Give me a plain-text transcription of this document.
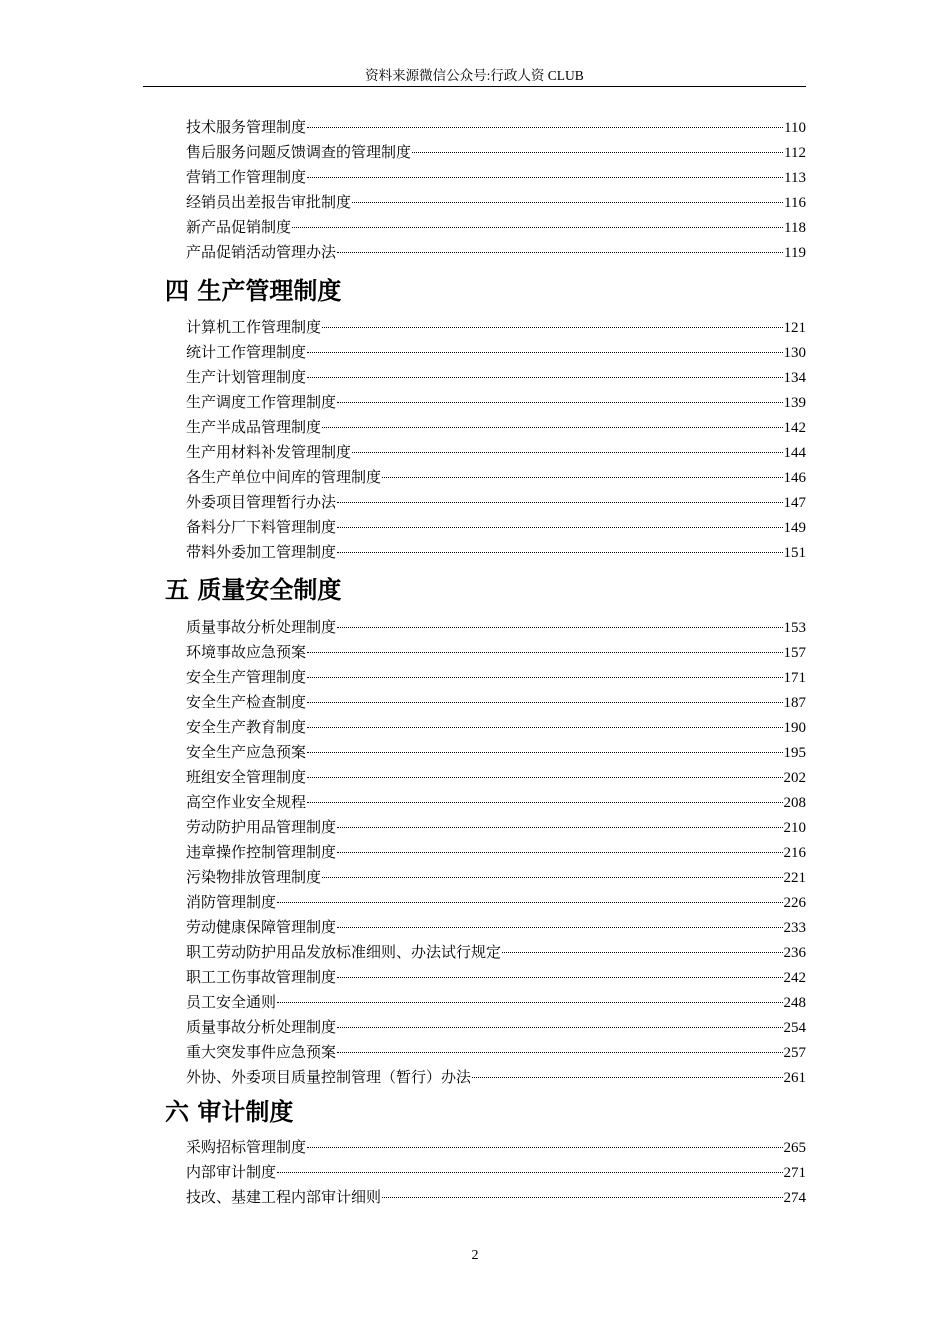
资料来源微信公众号:行政人资 CLUB
技术服务管理制度	110
售后服务问题反馈调查的管理制度	112
营销工作管理制度	113
经销员出差报告审批制度	116
新产品促销制度	118
产品促销活动管理办法	119
四 生产管理制度
计算机工作管理制度	121
统计工作管理制度	130
生产计划管理制度	134
生产调度工作管理制度	139
生产半成品管理制度	142
生产用材料补发管理制度	144
各生产单位中间库的管理制度	146
外委项目管理暂行办法	147
备料分厂下料管理制度	149
带料外委加工管理制度	151
五 质量安全制度
质量事故分析处理制度	153
环境事故应急预案	157
安全生产管理制度	171
安全生产检查制度	187
安全生产教育制度	190
安全生产应急预案	195
班组安全管理制度	202
高空作业安全规程	208
劳动防护用品管理制度	210
违章操作控制管理制度	216
污染物排放管理制度	221
消防管理制度	226
劳动健康保障管理制度	233
职工劳动防护用品发放标准细则、办法试行规定	236
职工工伤事故管理制度	242
员工安全通则	248
质量事故分析处理制度	254
重大突发事件应急预案	257
外协、外委项目质量控制管理（暂行）办法	261
六 审计制度
采购招标管理制度	265
内部审计制度	271
技改、基建工程内部审计细则	274
2
